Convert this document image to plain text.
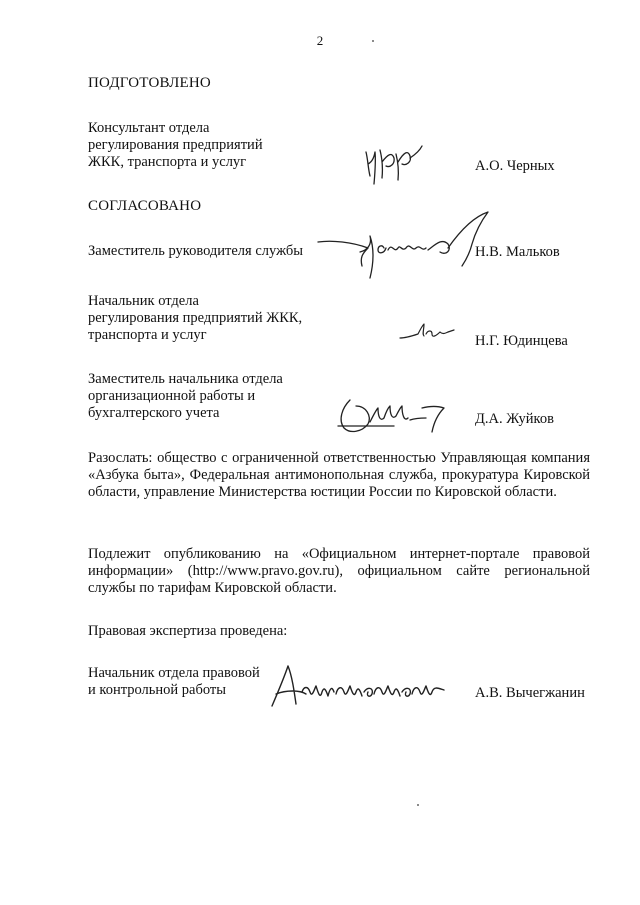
2
ПОДГОТОВЛЕНО
Консультант отдела
регулирования предприятий
ЖКК, транспорта и услуг	А.О. Черных
СОГЛАСОВАНО
Заместитель руководителя службы	Н.В. Мальков
Начальник отдела
регулирования предприятий ЖКК,
транспорта и услуг	Н.Г. Юдинцева
Заместитель начальника отдела
организационной работы и
бухгалтерского учета	Д.А. Жуйков

Разослать: общество с ограниченной ответственностью Управляющая компания «Азбука быта», Федеральная антимонопольная служба, прокуратура Кировской области, управление Министерства юстиции России по Кировской области.

Подлежит опубликованию на «Официальном интернет-портале правовой информации» (http://www.pravo.gov.ru), официальном сайте региональной службы по тарифам Кировской области.

Правовая экспертиза проведена:
Начальник отдела правовой
и контрольной работы	А.В. Вычегжанин
